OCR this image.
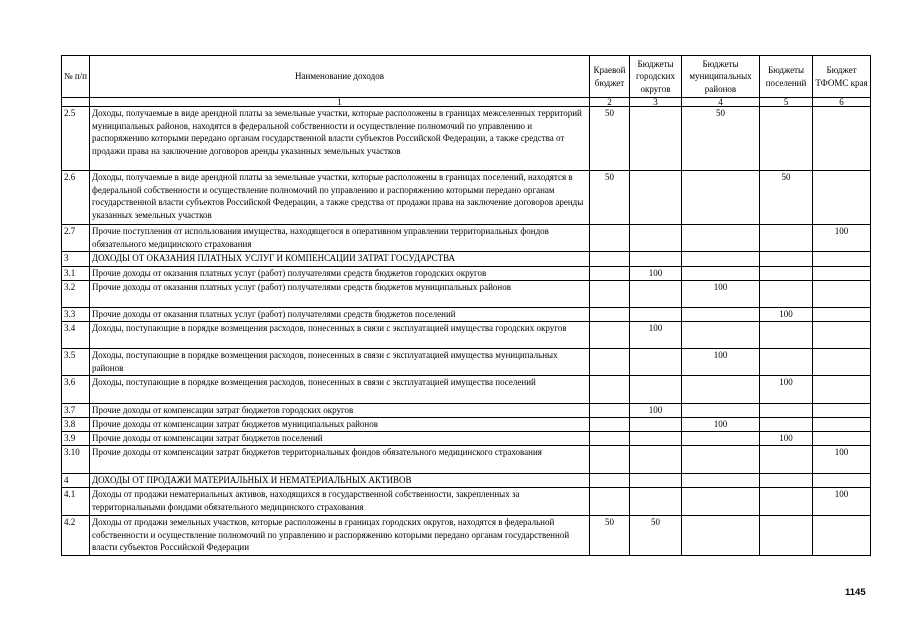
№ п/п	Наименование доходов	Краевой бюджет	Бюджеты городских округов	Бюджеты муниципальных районов	Бюджеты поселений	Бюджет ТФОМС края
	1	2	3	4	5	6
2.5	Доходы, получаемые в виде арендной платы за земельные участки, которые расположены в границах межселенных территорий муниципальных районов, находятся в федеральной собственности и осуществление полномочий по управлению и распоряжению которыми передано органам государственной власти субъектов Российской Федерации, а также средства от продажи права на заключение договоров аренды указанных земельных участков	50		50		
2.6	Доходы, получаемые в виде арендной платы за земельные участки, которые расположены в границах поселений, находятся в федеральной собственности и осуществление полномочий по управлению и распоряжению которыми передано органам государственной власти субъектов Российской Федерации, а также средства от продажи права на заключение договоров аренды указанных земельных участков	50			50	
2.7	Прочие поступления от использования имущества, находящегося в оперативном управлении территориальных фондов обязательного медицинского страхования					100
3	ДОХОДЫ ОТ ОКАЗАНИЯ ПЛАТНЫХ УСЛУГ И КОМПЕНСАЦИИ ЗАТРАТ ГОСУДАРСТВА					
3.1	Прочие доходы от оказания платных услуг (работ) получателями средств бюджетов городских округов		100			
3.2	Прочие доходы от оказания платных услуг (работ) получателями средств бюджетов муниципальных районов			100		
3.3	Прочие доходы от оказания платных услуг (работ) получателями средств бюджетов поселений				100	
3.4	Доходы, поступающие в порядке возмещения расходов, понесенных в связи с эксплуатацией имущества городских округов		100			
3.5	Доходы, поступающие в порядке возмещения расходов, понесенных в связи с эксплуатацией имущества муниципальных районов			100		
3.6	Доходы, поступающие в порядке возмещения расходов, понесенных в связи с эксплуатацией имущества поселений				100	
3.7	Прочие доходы от компенсации затрат бюджетов городских округов		100			
3.8	Прочие доходы от компенсации затрат бюджетов муниципальных районов			100		
3.9	Прочие доходы от компенсации затрат бюджетов поселений				100	
3.10	Прочие доходы от компенсации затрат бюджетов территориальных фондов обязательного медицинского страхования					100
4	ДОХОДЫ ОТ ПРОДАЖИ МАТЕРИАЛЬНЫХ И НЕМАТЕРИАЛЬНЫХ АКТИВОВ					
4.1	Доходы от продажи нематериальных активов, находящихся в государственной собственности, закрепленных за территориальными фондами обязательного медицинского страхования					100
4.2	Доходы от продажи земельных участков, которые расположены в границах городских округов, находятся в федеральной собственности и осуществление полномочий по управлению и распоряжению которыми передано органам государственной власти субъектов Российской Федерации	50	50			
1145
